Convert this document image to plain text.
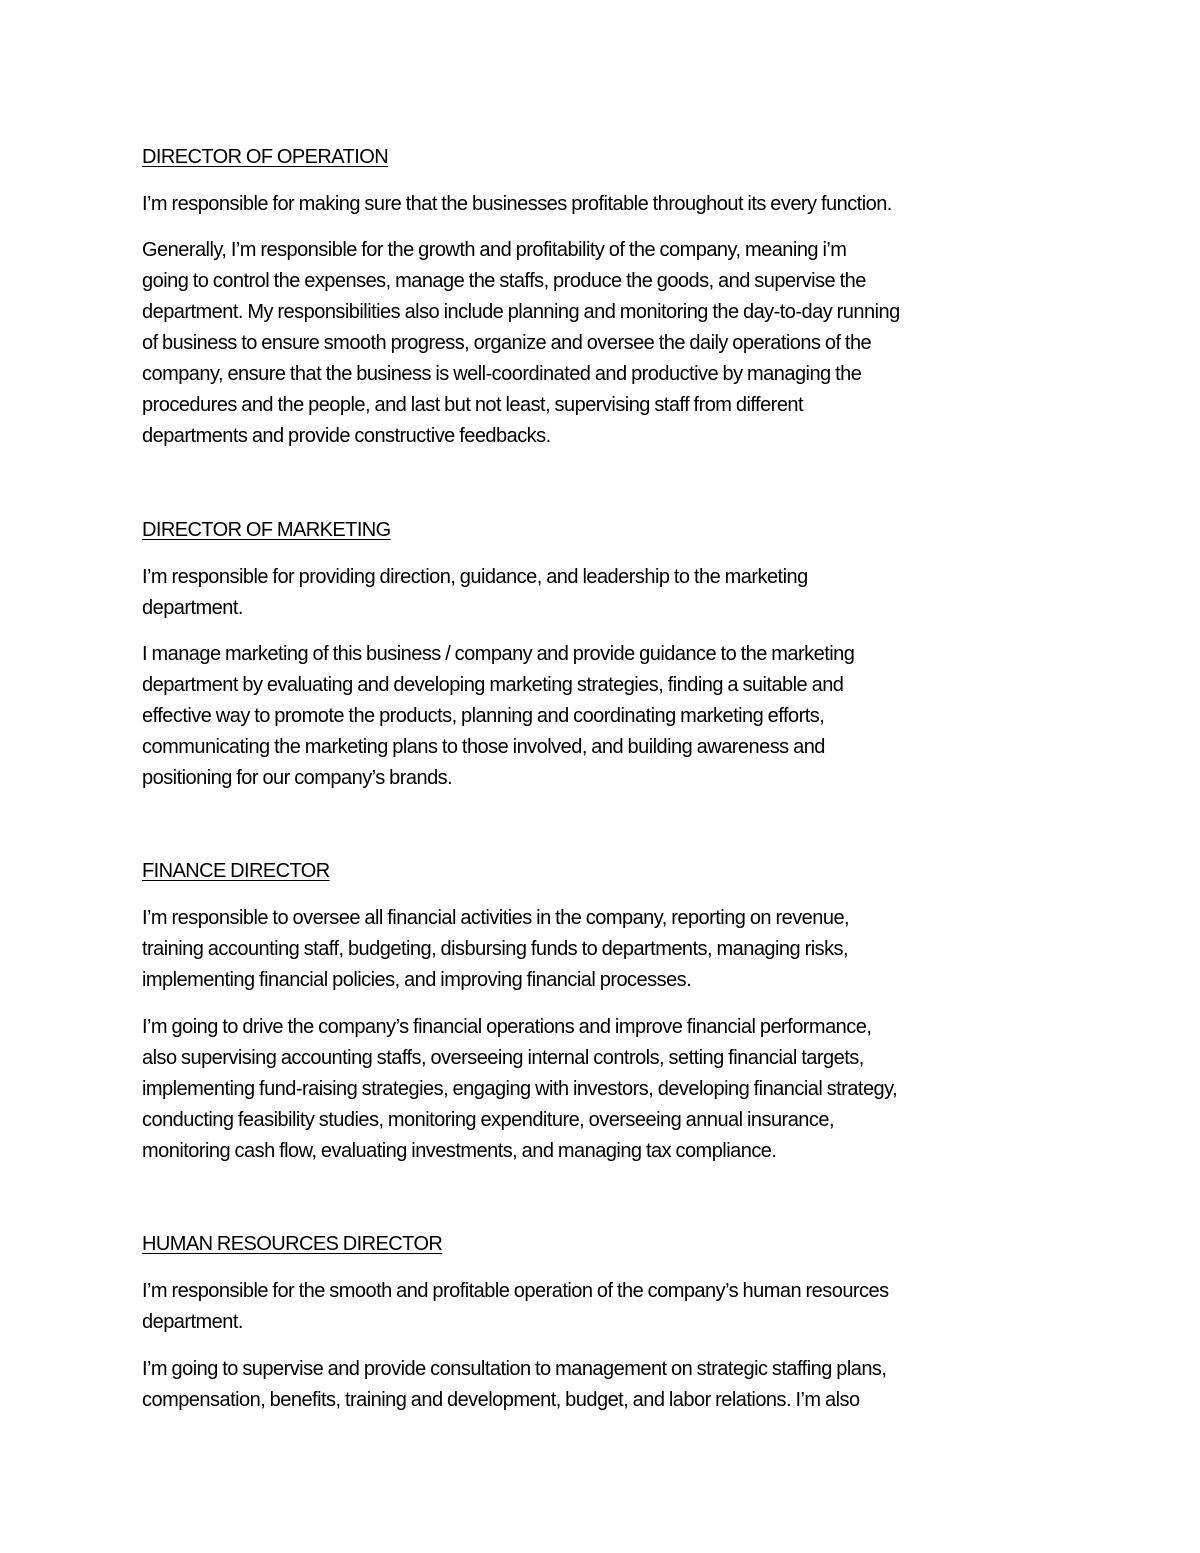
DIRECTOR OF OPERATION
I’m responsible for making sure that the businesses profitable throughout its every function.
Generally, I’m responsible for the growth and profitability of the company, meaning i’m
going to control the expenses, manage the staffs, produce the goods, and supervise the
department. My responsibilities also include planning and monitoring the day-to-day running
of business to ensure smooth progress, organize and oversee the daily operations of the
company, ensure that the business is well-coordinated and productive by managing the
procedures and the people, and last but not least, supervising staff from different
departments and provide constructive feedbacks.
DIRECTOR OF MARKETING
I’m responsible for providing direction, guidance, and leadership to the marketing
department.
I manage marketing of this business / company and provide guidance to the marketing
department by evaluating and developing marketing strategies, finding a suitable and
effective way to promote the products, planning and coordinating marketing efforts,
communicating the marketing plans to those involved, and building awareness and
positioning for our company’s brands.
FINANCE DIRECTOR
I’m responsible to oversee all financial activities in the company, reporting on revenue,
training accounting staff, budgeting, disbursing funds to departments, managing risks,
implementing financial policies, and improving financial processes.
I’m going to drive the company’s financial operations and improve financial performance,
also supervising accounting staffs, overseeing internal controls, setting financial targets,
implementing fund-raising strategies, engaging with investors, developing financial strategy,
conducting feasibility studies, monitoring expenditure, overseeing annual insurance,
monitoring cash flow, evaluating investments, and managing tax compliance.
HUMAN RESOURCES DIRECTOR
I’m responsible for the smooth and profitable operation of the company’s human resources
department.
I’m going to supervise and provide consultation to management on strategic staffing plans,
compensation, benefits, training and development, budget, and labor relations. I’m also
